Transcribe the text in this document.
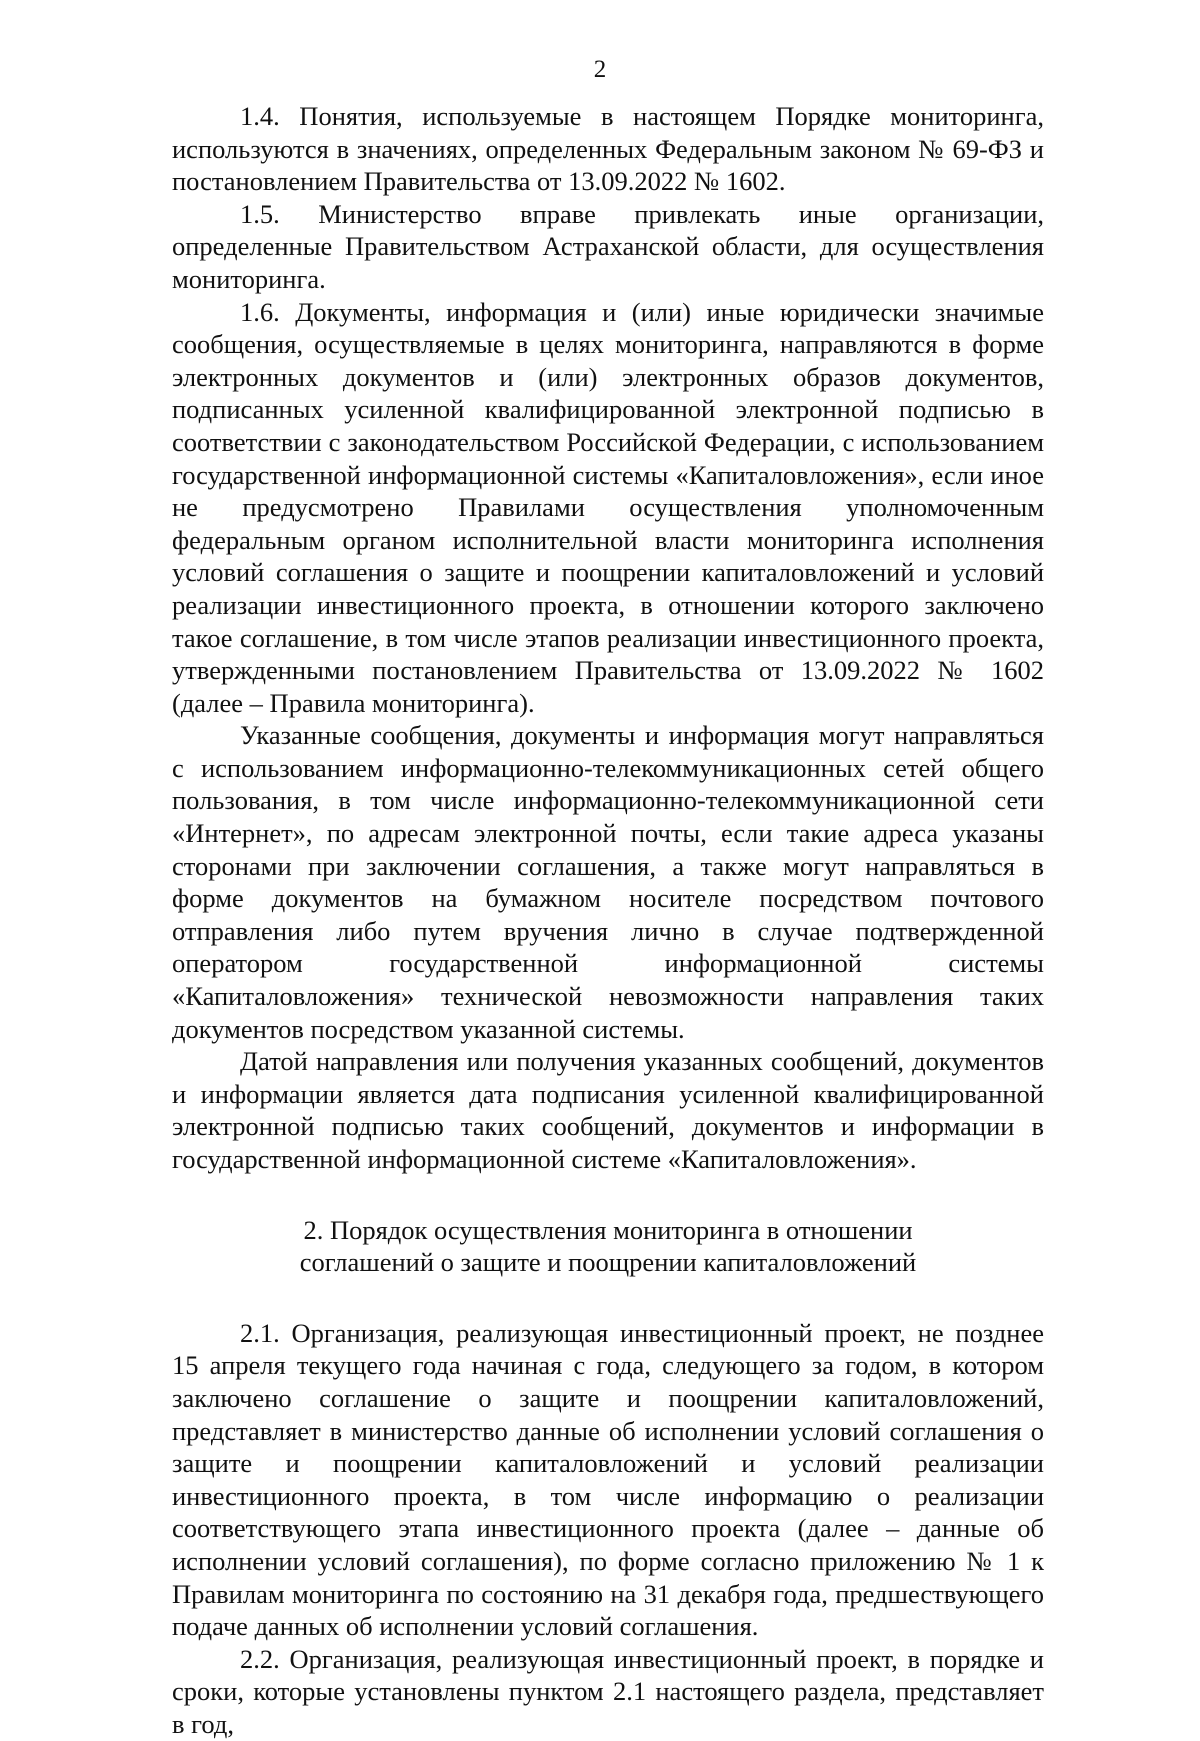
2

1.4. Понятия, используемые в настоящем Порядке мониторинга, используются в значениях, определенных Федеральным законом № 69-ФЗ и постановлением Правительства от 13.09.2022 № 1602.

1.5. Министерство вправе привлекать иные организации, определенные Правительством Астраханской области, для осуществления мониторинга.

1.6. Документы, информация и (или) иные юридически значимые сообщения, осуществляемые в целях мониторинга, направляются в форме электронных документов и (или) электронных образов документов, подписанных усиленной квалифицированной электронной подписью в соответствии с законодательством Российской Федерации, с использованием государственной информационной системы «Капиталовложения», если иное не предусмотрено Правилами осуществления уполномоченным федеральным органом исполнительной власти мониторинга исполнения условий соглашения о защите и поощрении капиталовложений и условий реализации инвестиционного проекта, в отношении которого заключено такое соглашение, в том числе этапов реализации инвестиционного проекта, утвержденными постановлением Правительства от 13.09.2022 № 1602 (далее – Правила мониторинга).

Указанные сообщения, документы и информация могут направляться с использованием информационно-телекоммуникационных сетей общего пользования, в том числе информационно-телекоммуникационной сети «Интернет», по адресам электронной почты, если такие адреса указаны сторонами при заключении соглашения, а также могут направляться в форме документов на бумажном носителе посредством почтового отправления либо путем вручения лично в случае подтвержденной оператором государственной информационной системы «Капиталовложения» технической невозможности направления таких документов посредством указанной системы.

Датой направления или получения указанных сообщений, документов и информации является дата подписания усиленной квалифицированной электронной подписью таких сообщений, документов и информации в государственной информационной системе «Капиталовложения».

2. Порядок осуществления мониторинга в отношении
соглашений о защите и поощрении капиталовложений

2.1. Организация, реализующая инвестиционный проект, не позднее 15 апреля текущего года начиная с года, следующего за годом, в котором заключено соглашение о защите и поощрении капиталовложений, представляет в министерство данные об исполнении условий соглашения о защите и поощрении капиталовложений и условий реализации инвестиционного проекта, в том числе информацию о реализации соответствующего этапа инвестиционного проекта (далее – данные об исполнении условий соглашения), по форме согласно приложению № 1 к Правилам мониторинга по состоянию на 31 декабря года, предшествующего подаче данных об исполнении условий соглашения.

2.2. Организация, реализующая инвестиционный проект, в порядке и сроки, которые установлены пунктом 2.1 настоящего раздела, представляет в год,
